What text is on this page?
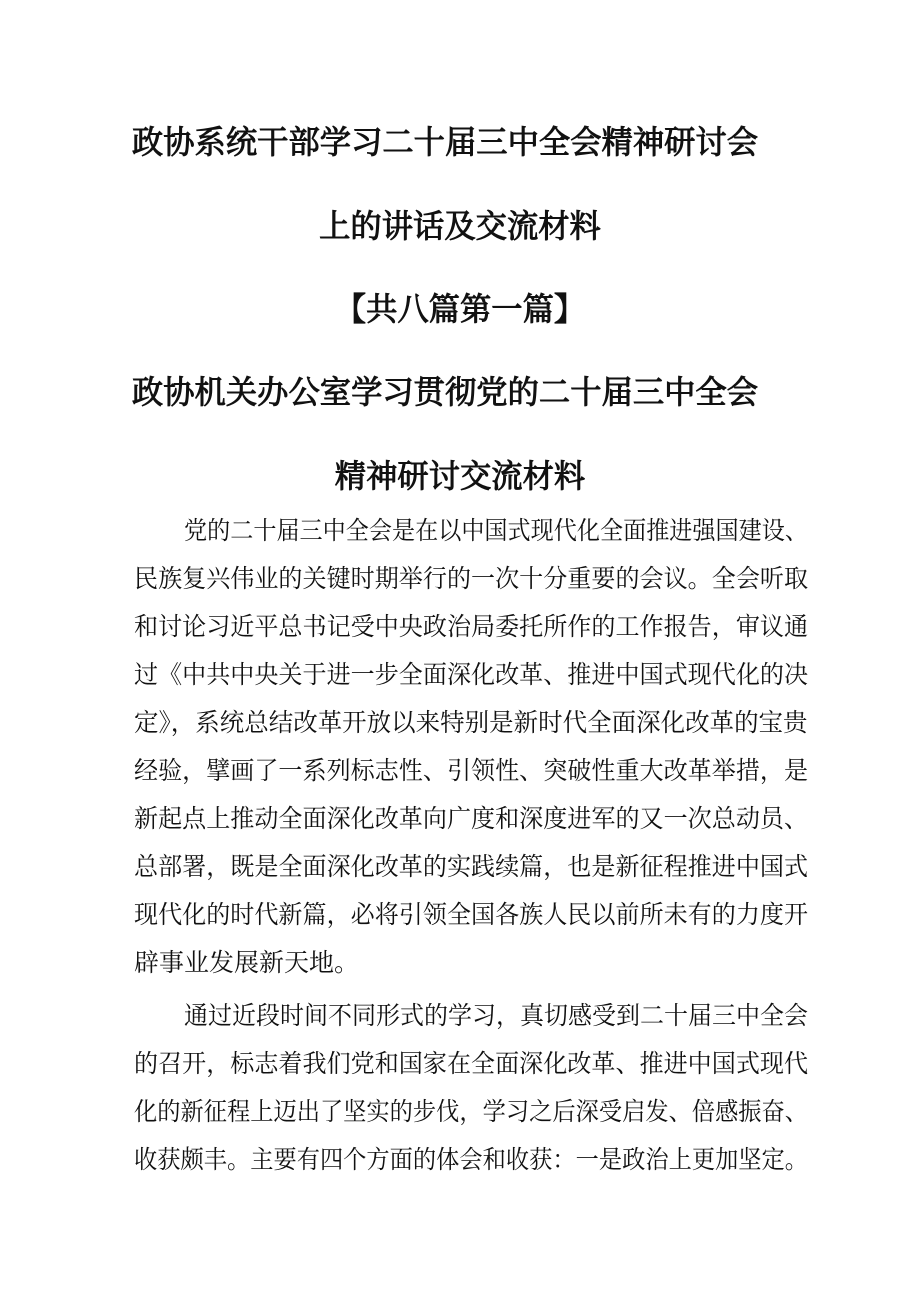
政协系统干部学习二十届三中全会精神研讨会
上的讲话及交流材料
【共八篇第一篇】
政协机关办公室学习贯彻党的二十届三中全会
精神研讨交流材料
党的二十届三中全会是在以中国式现代化全面推进强国建设、
民族复兴伟业的关键时期举行的一次十分重要的会议。全会听取
和讨论习近平总书记受中央政治局委托所作的工作报告，审议通
过《中共中央关于进一步全面深化改革、推进中国式现代化的决
定》，系统总结改革开放以来特别是新时代全面深化改革的宝贵
经验，擘画了一系列标志性、引领性、突破性重大改革举措，是
新起点上推动全面深化改革向广度和深度进军的又一次总动员、
总部署，既是全面深化改革的实践续篇，也是新征程推进中国式
现代化的时代新篇，必将引领全国各族人民以前所未有的力度开
辟事业发展新天地。
通过近段时间不同形式的学习，真切感受到二十届三中全会
的召开，标志着我们党和国家在全面深化改革、推进中国式现代
化的新征程上迈出了坚实的步伐，学习之后深受启发、倍感振奋、
收获颇丰。主要有四个方面的体会和收获：一是政治上更加坚定。
